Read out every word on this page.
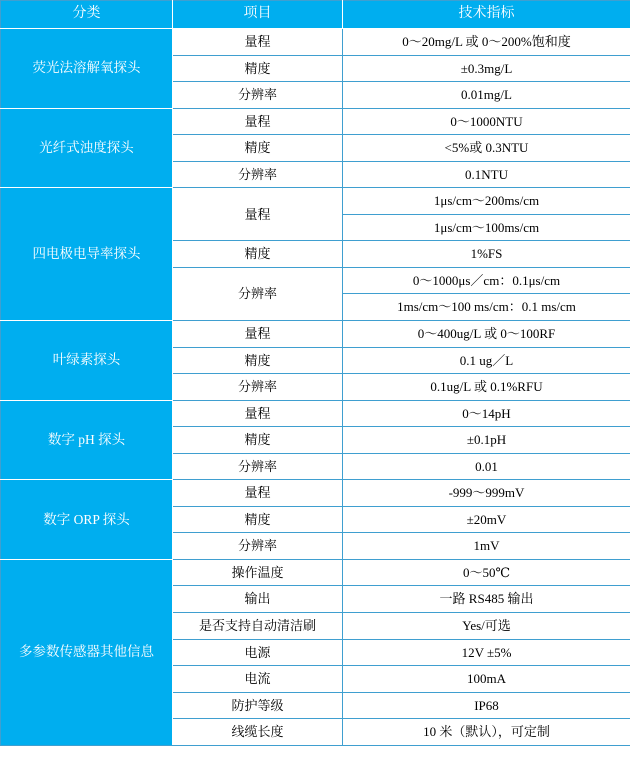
分类	项目	技术指标
荧光法溶解氧探头	量程	0～20mg/L 或 0～200%饱和度
	精度	±0.3mg/L
	分辨率	0.01mg/L
光纤式浊度探头	量程	0～1000NTU
	精度	<5%或 0.3NTU
	分辨率	0.1NTU
四电极电导率探头	量程	1μs/cm～200ms/cm
		1μs/cm～100ms/cm
	精度	1%FS
	分辨率	0～1000μs／cm：0.1μs/cm
		1ms/cm～100 ms/cm：0.1 ms/cm
叶绿素探头	量程	0～400ug/L 或 0～100RF
	精度	0.1 ug／L
	分辨率	0.1ug/L 或 0.1%RFU
数字 pH 探头	量程	0～14pH
	精度	±0.1pH
	分辨率	0.01
数字 ORP 探头	量程	-999～999mV
	精度	±20mV
	分辨率	1mV
多参数传感器其他信息	操作温度	0～50℃
	输出	一路 RS485 输出
	是否支持自动清洁刷	Yes/可选
	电源	12V ±5%
	电流	100mA
	防护等级	IP68
	线缆长度	10 米（默认），可定制
